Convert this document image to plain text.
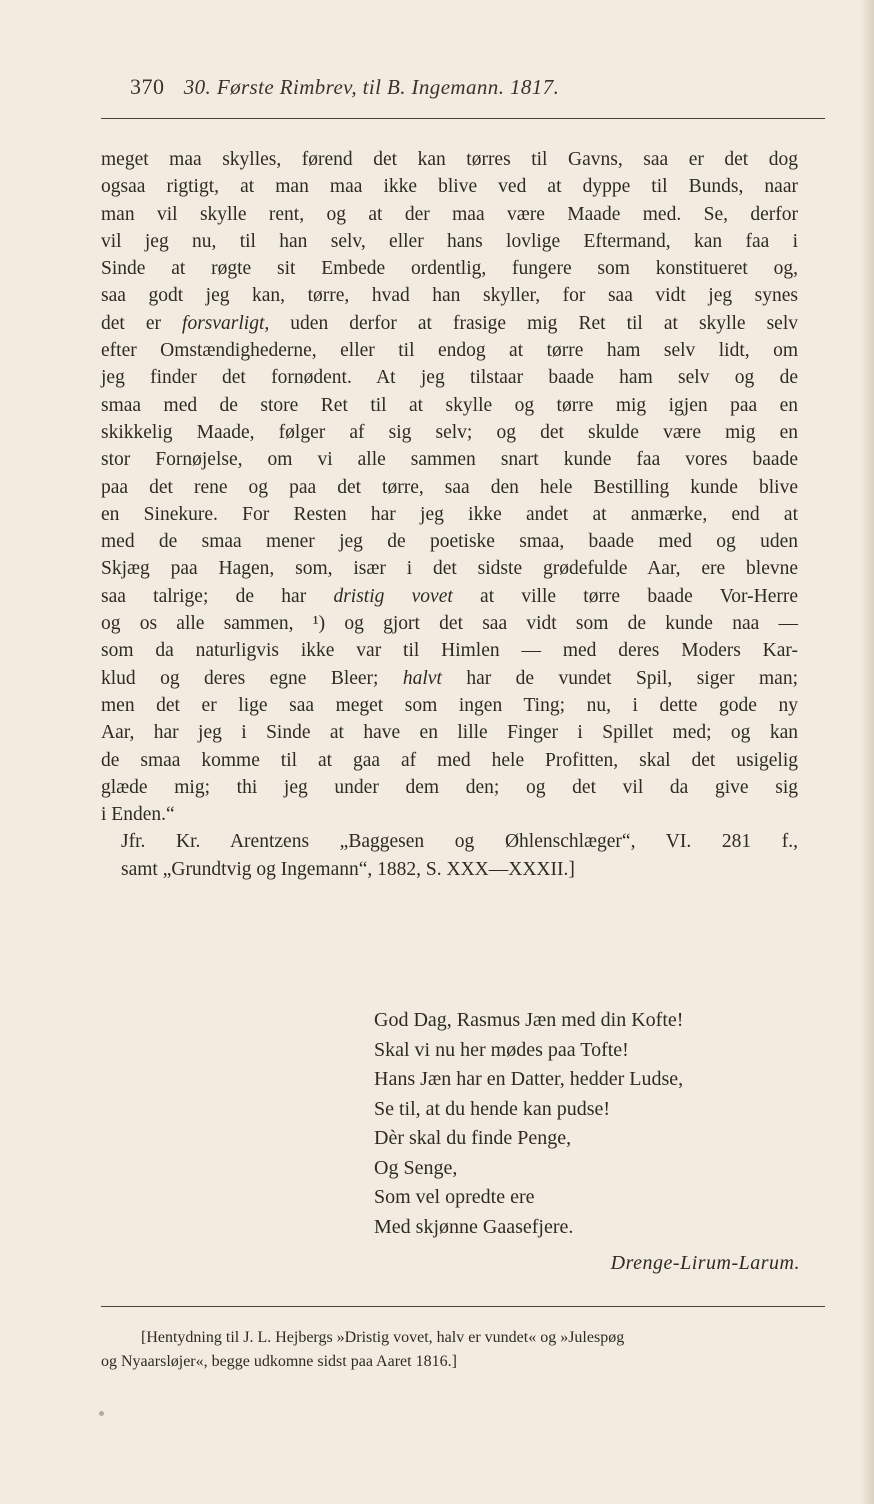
370 30. Første Rimbrev, til B. Ingemann. 1817.
meget maa skylles, førend det kan tørres til Gavns, saa er det dog
ogsaa rigtigt, at man maa ikke blive ved at dyppe til Bunds, naar
man vil skylle rent, og at der maa være Maade med. Se, derfor
vil jeg nu, til han selv, eller hans lovlige Eftermand, kan faa i
Sinde at røgte sit Embede ordentlig, fungere som konstitueret og,
saa godt jeg kan, tørre, hvad han skyller, for saa vidt jeg synes
det er forsvarligt, uden derfor at frasige mig Ret til at skylle selv
efter Omstændighederne, eller til endog at tørre ham selv lidt, om
jeg finder det fornødent. At jeg tilstaar baade ham selv og de
smaa med de store Ret til at skylle og tørre mig igjen paa en
skikkelig Maade, følger af sig selv; og det skulde være mig en
stor Fornøjelse, om vi alle sammen snart kunde faa vores baade
paa det rene og paa det tørre, saa den hele Bestilling kunde blive
en Sinekure. For Resten har jeg ikke andet at anmærke, end at
med de smaa mener jeg de poetiske smaa, baade med og uden
Skjæg paa Hagen, som, især i det sidste grødefulde Aar, ere blevne
saa talrige; de har dristig vovet at ville tørre baade Vor-Herre
og os alle sammen, ¹) og gjort det saa vidt som de kunde naa —
som da naturligvis ikke var til Himlen — med deres Moders Kar-
klud og deres egne Bleer; halvt har de vundet Spil, siger man;
men det er lige saa meget som ingen Ting; nu, i dette gode ny
Aar, har jeg i Sinde at have en lille Finger i Spillet med; og kan
de smaa komme til at gaa af med hele Profitten, skal det usigelig
glæde mig; thi jeg under dem den; og det vil da give sig
i Enden.“
Jfr. Kr. Arentzens „Baggesen og Øhlenschlæger“, VI. 281 f.,
samt „Grundtvig og Ingemann“, 1882, S. XXX—XXXII.]
God Dag, Rasmus Jæn med din Kofte!
Skal vi nu her mødes paa Tofte!
Hans Jæn har en Datter, hedder Ludse,
Se til, at du hende kan pudse!
Dèr skal du finde Penge,
Og Senge,
Som vel opredte ere
Med skjønne Gaasefjere.
Drenge-Lirum-Larum.
[Hentydning til J. L. Hejbergs »Dristig vovet, halv er vundet« og »Julespøg
og Nyaarsløjer«, begge udkomne sidst paa Aaret 1816.]
